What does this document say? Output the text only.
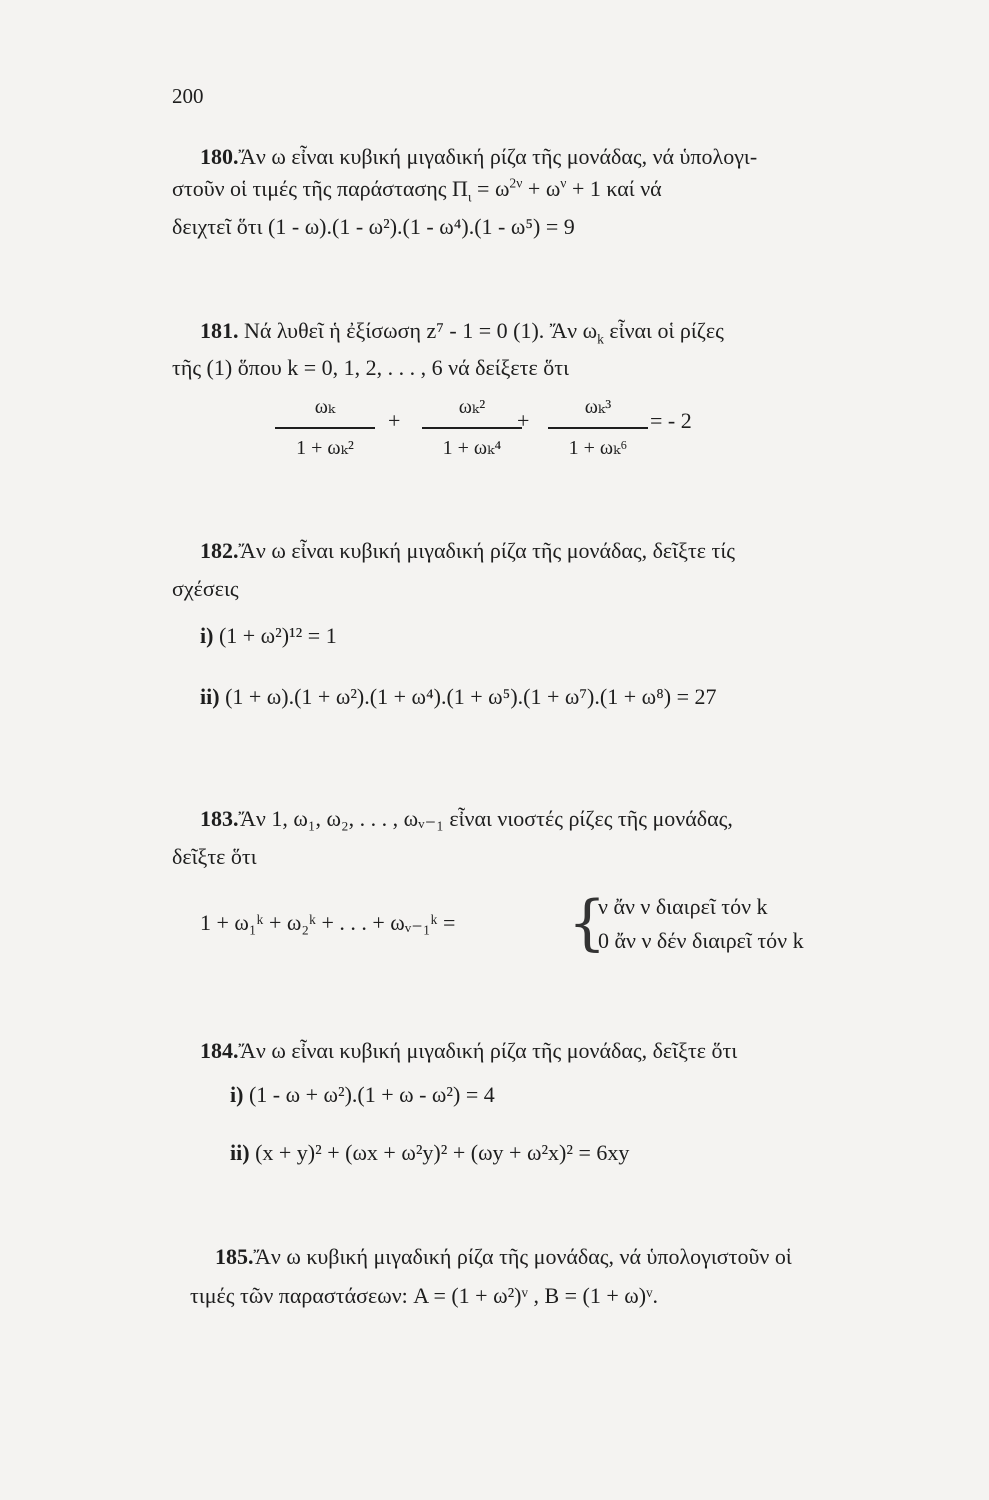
200
180.Ἄν ω εἶναι κυβική μιγαδική ρίζα τῆς μονάδας, νά ὑπολογι-
στοῦν οἱ τιμές τῆς παράστασης $\Pi_\iota = \omega^{2\nu} + \omega^\nu + 1$ καί νά
δειχτεῖ ὅτι (1 - ω).(1 - ω²).(1 - ω⁴).(1 - ω⁵) = 9
181. Νά λυθεῖ ἡ ἐξίσωση z⁷ - 1 = 0 (1). Ἄν $\omega_k$ εἶναι οἱ ρίζες
τῆς (1) ὅπου k = 0, 1, 2, . . . , 6 νά δείξετε ὅτι
ωₖ
1 + ωₖ²
+
ωₖ²
1 + ωₖ⁴
+
ωₖ³
1 + ωₖ⁶
= - 2
182.Ἄν ω εἶναι κυβική μιγαδική ρίζα τῆς μονάδας, δεῖξτε τίς
σχέσεις
i) (1 + ω²)¹² = 1
ii) (1 + ω).(1 + ω²).(1 + ω⁴).(1 + ω⁵).(1 + ω⁷).(1 + ω⁸) = 27
183.Ἄν 1, ω₁, ω₂, . . . , ωᵥ₋₁ εἶναι νιοστές ρίζες τῆς μονάδας,
δεῖξτε ὅτι
1 + ω₁ᵏ + ω₂ᵏ + . . . + ωᵥ₋₁ᵏ = {
ν ἄν ν διαιρεῖ τόν k
0 ἄν ν δέν διαιρεῖ τόν k
184.Ἄν ω εἶναι κυβική μιγαδική ρίζα τῆς μονάδας, δεῖξτε ὅτι
i) (1 - ω + ω²).(1 + ω - ω²) = 4
ii) (x + y)² + (ωx + ω²y)² + (ωy + ω²x)² = 6xy
185.Ἄν ω κυβική μιγαδική ρίζα τῆς μονάδας, νά ὑπολογιστοῦν οἱ
τιμές τῶν παραστάσεων: A = (1 + ω²)ᵛ , B = (1 + ω)ᵛ.
